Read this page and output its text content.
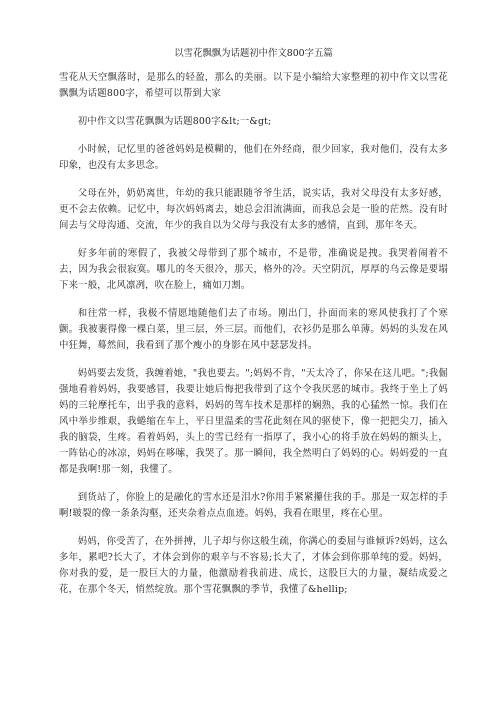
以雪花飘飘为话题初中作文800字五篇

雪花从天空飘落时，是那么的轻盈，那么的美丽。以下是小编给大家整理的初中作文以雪花飘飘为话题800字，希望可以帮到大家

初中作文以雪花飘飘为话题800字&lt;一&gt;

小时候，记忆里的爸爸妈妈是模糊的，他们在外经商，很少回家，我对他们，没有太多印象，也没有太多思念。

父母在外，奶奶离世，年幼的我只能跟随爷爷生活，说实话，我对父母没有太多好感，更不会去依赖。记忆中，每次妈妈离去，她总会泪流满面，而我总会是一脸的茫然。没有时间去与父母沟通、交流，年少的我自以为父母与我没有太多的感情，直到，那年冬天。

好多年前的寒假了，我被父母带到了那个城市，不是带，准确说是拽。我哭着闹着不去，因为我会很寂寞。哪儿的冬天很冷，那天，格外的冷。天空阴沉，厚厚的乌云像是要塌下来一般，北风凛冽，吹在脸上，痛如刀割。

和往常一样，我极不情愿地随他们去了市场。刚出门，扑面而来的寒风使我打了个寒颤。我被裹得像一棵白菜，里三层，外三层。而他们，衣衫仍是那么单薄。妈妈的头发在风中狂舞，蓦然间，我看到了那个瘦小的身影在风中瑟瑟发抖。

妈妈要去发货，我缠着她，"我也要去。";妈妈不肯，"天太冷了，你呆在这儿吧。";我倔强地看着妈妈，我要感冒，我要让她后悔把我带到了这个令我厌恶的城市。我终于坐上了妈妈的三轮摩托车，出乎我的意料，妈妈的驾车技术是那样的娴熟，我的心猛然一惊。我们在风中举步维艰，我蜷缩在车上，平日里温柔的雪花此刻在风的驱使下，像一把把尖刀，插入我的脑袋，生疼。看着妈妈，头上的雪已经有一指厚了，我小心的将手放在妈妈的额头上，一阵钻心的冰凉，妈妈在哆嗦，我哭了。那一瞬间，我全然明白了妈妈的心。妈妈爱的一直都是我啊!那一刻，我懂了。

到货站了，你脸上的是融化的雪水还是泪水?你用手紧紧攥住我的手。那是一双怎样的手啊!皲裂的像一条条沟壑，还夹杂着点点血迹。妈妈，我看在眼里，疼在心里。

妈妈，你受苦了，在外拼搏，儿子却与你这般生疏，你满心的委屈与谁倾诉?妈妈，这么多年，累吧?长大了，才体会到你的艰辛与不容易;长大了，才体会到你那单纯的爱。妈妈，你对我的爱，是一股巨大的力量，他激励着我前进、成长，这股巨大的力量，凝结成爱之花，在那个冬天，悄然绽放。那个雪花飘飘的季节，我懂了&hellip;
